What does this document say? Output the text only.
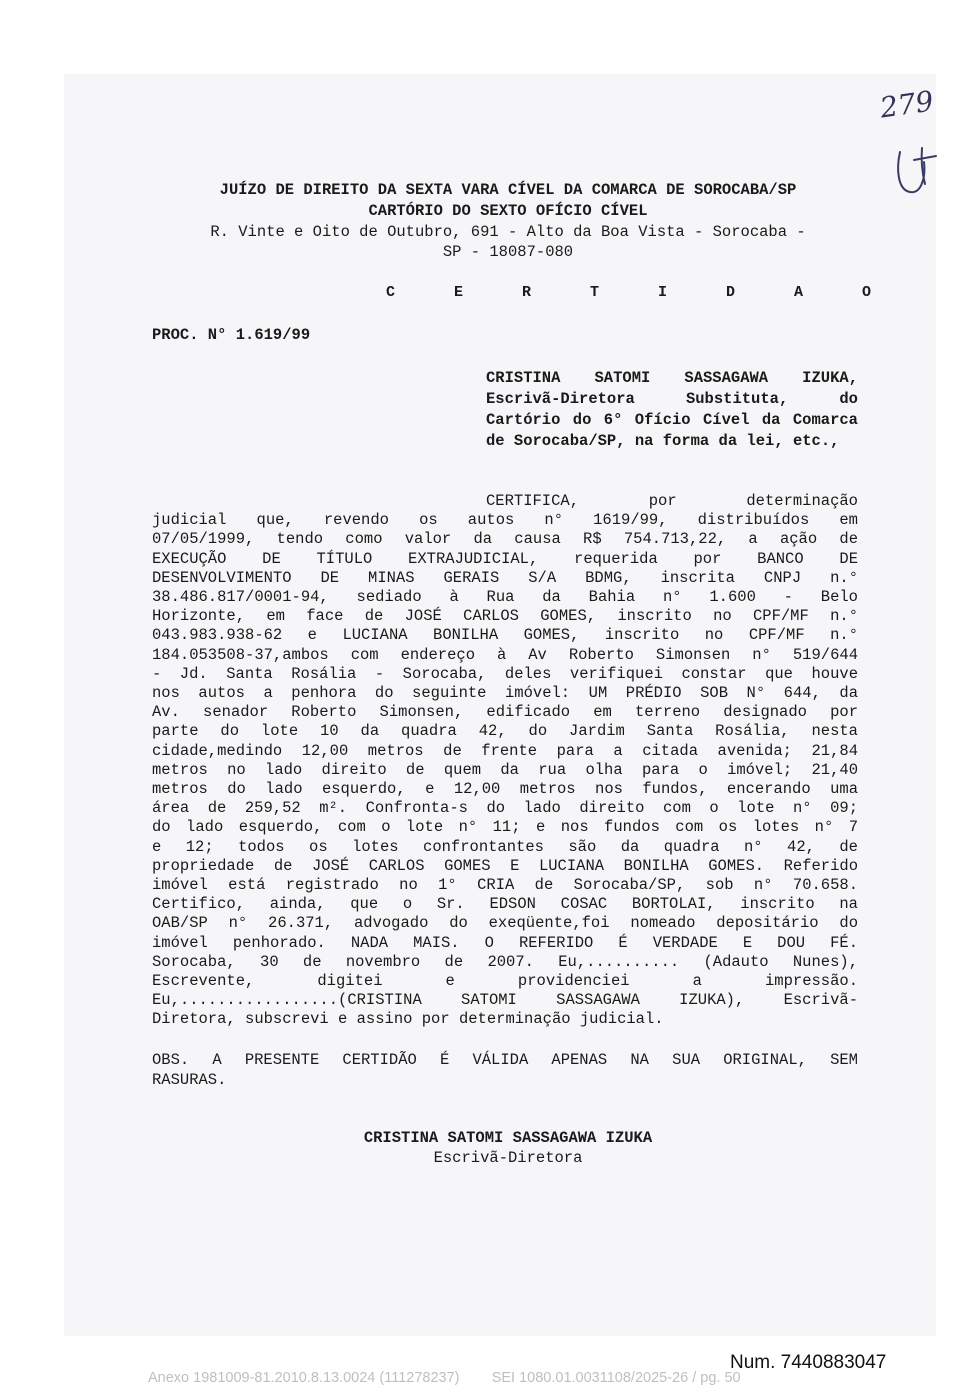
279
JUÍZO DE DIREITO DA SEXTA VARA CÍVEL DA COMARCA DE SOROCABA/SP
CARTÓRIO DO SEXTO OFÍCIO CÍVEL
R. Vinte e Oito de Outubro, 691 - Alto da Boa Vista - Sorocaba -
SP - 18087-080
C E R T I D A O
PROC. N° 1.619/99
CRISTINA SATOMI SASSAGAWA IZUKA, Escrivã-Diretora Substituta, do Cartório do 6° Ofício Cível da Comarca de Sorocaba/SP, na forma da lei, etc.,
CERTIFICA, por determinação
judicial que, revendo os autos n° 1619/99, distribuídos em
07/05/1999, tendo como valor da causa R$ 754.713,22, a ação de
EXECUÇÃO DE TÍTULO EXTRAJUDICIAL, requerida por BANCO DE
DESENVOLVIMENTO DE MINAS GERAIS S/A BDMG, inscrita CNPJ n.°
38.486.817/0001-94, sediado à Rua da Bahia n° 1.600 - Belo
Horizonte, em face de JOSÉ CARLOS GOMES, inscrito no CPF/MF n.°
043.983.938-62 e LUCIANA BONILHA GOMES, inscrito no CPF/MF n.°
184.053508-37,ambos com endereço à Av Roberto Simonsen n° 519/644
- Jd. Santa Rosália - Sorocaba, deles verifiquei constar que houve
nos autos a penhora do seguinte imóvel: UM PRÉDIO SOB N° 644, da
Av. senador Roberto Simonsen, edificado em terreno designado por
parte do lote 10 da quadra 42, do Jardim Santa Rosália, nesta
cidade,medindo 12,00 metros de frente para a citada avenida; 21,84
metros no lado direito de quem da rua olha para o imóvel; 21,40
metros do lado esquerdo, e 12,00 metros nos fundos, encerando uma
área de 259,52 m². Confronta-s do lado direito com o lote n° 09;
do lado esquerdo, com o lote n° 11; e nos fundos com os lotes n° 7
e 12; todos os lotes confrontantes são da quadra n° 42, de
propriedade de JOSÉ CARLOS GOMES E LUCIANA BONILHA GOMES. Referido
imóvel está registrado no 1° CRIA de Sorocaba/SP, sob n° 70.658.
Certifico, ainda, que o Sr. EDSON COSAC BORTOLAI, inscrito na
OAB/SP n° 26.371, advogado do exeqüente,foi nomeado depositário do
imóvel penhorado. NADA MAIS. O REFERIDO É VERDADE E DOU FÉ.
Sorocaba, 30 de novembro de 2007. Eu,.......... (Adauto Nunes),
Escrevente, digitei e providenciei a impressão.
Eu,.................(CRISTINA SATOMI SASSAGAWA IZUKA), Escrivã-
Diretora, subscrevi e assino por determinação judicial.
OBS. A PRESENTE CERTIDÃO É VÁLIDA APENAS NA SUA ORIGINAL, SEM
RASURAS.
CRISTINA SATOMI SASSAGAWA IZUKA
Escrivã-Diretora
Num. 7440883047
Anexo 1981009-81.2010.8.13.0024 (111278237)        SEI 1080.01.0031108/2025-26 / pg. 50
